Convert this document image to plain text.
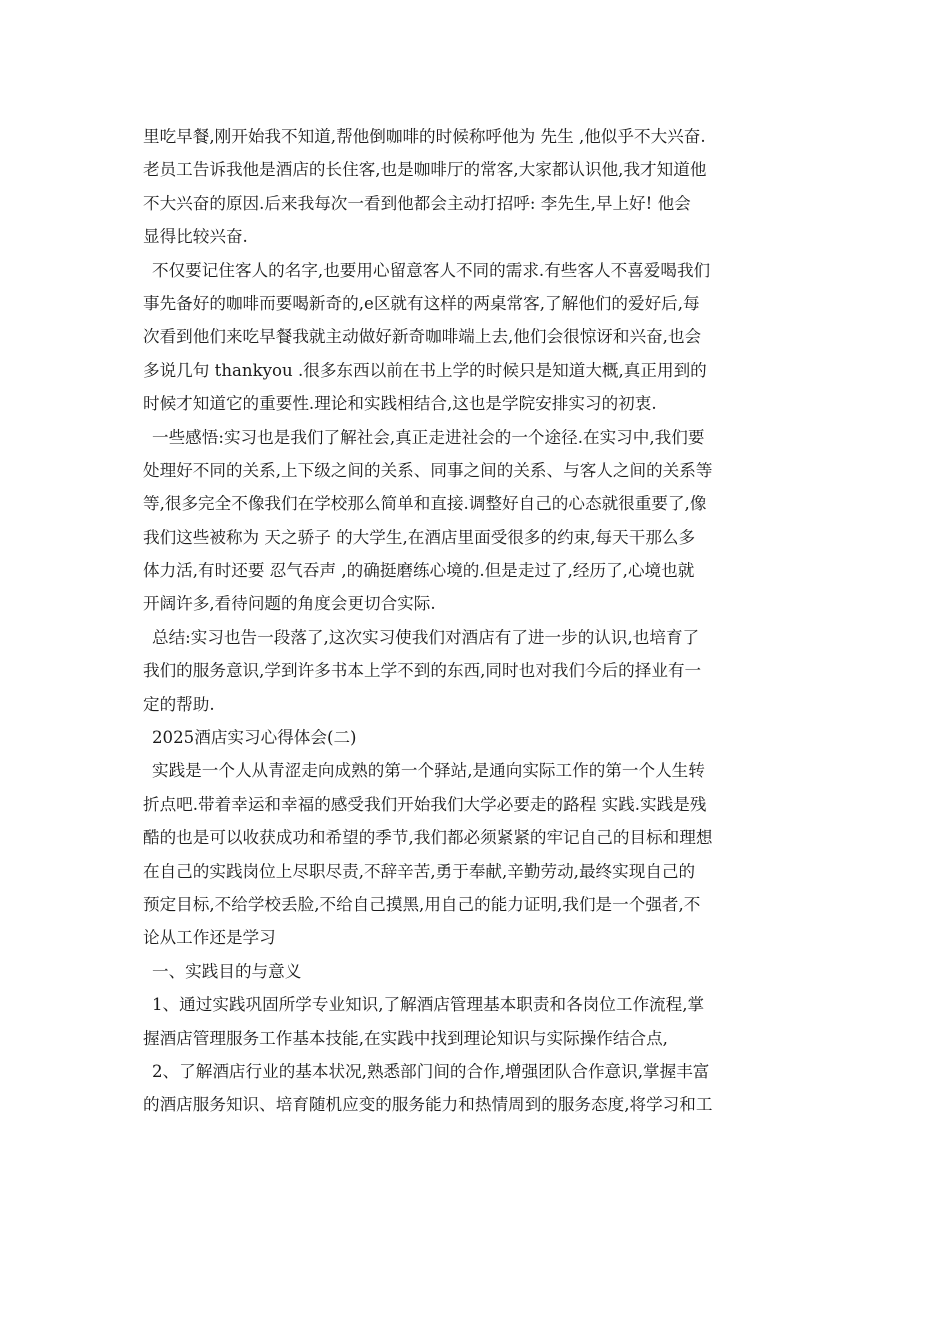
里吃早餐,刚开始我不知道,帮他倒咖啡的时候称呼他为 先生 ,他似乎不大兴奋.
老员工告诉我他是酒店的长住客,也是咖啡厅的常客,大家都认识他,我才知道他
不大兴奋的原因.后来我每次一看到他都会主动打招呼: 李先生,早上好! 他会
显得比较兴奋.
不仅要记住客人的名字,也要用心留意客人不同的需求.有些客人不喜爱喝我们
事先备好的咖啡而要喝新奇的,e区就有这样的两桌常客,了解他们的爱好后,每
次看到他们来吃早餐我就主动做好新奇咖啡端上去,他们会很惊讶和兴奋,也会
多说几句 thankyou .很多东西以前在书上学的时候只是知道大概,真正用到的
时候才知道它的重要性.理论和实践相结合,这也是学院安排实习的初衷.
一些感悟:实习也是我们了解社会,真正走进社会的一个途径.在实习中,我们要
处理好不同的关系,上下级之间的关系、同事之间的关系、与客人之间的关系等
等,很多完全不像我们在学校那么简单和直接.调整好自己的心态就很重要了,像
我们这些被称为 天之骄子 的大学生,在酒店里面受很多的约束,每天干那么多
体力活,有时还要 忍气吞声 ,的确挺磨练心境的.但是走过了,经历了,心境也就
开阔许多,看待问题的角度会更切合实际.
总结:实习也告一段落了,这次实习使我们对酒店有了进一步的认识,也培育了
我们的服务意识,学到许多书本上学不到的东西,同时也对我们今后的择业有一
定的帮助.
2025酒店实习心得体会(二)
实践是一个人从青涩走向成熟的第一个驿站,是通向实际工作的第一个人生转
折点吧.带着幸运和幸福的感受我们开始我们大学必要走的路程 实践.实践是残
酷的也是可以收获成功和希望的季节,我们都必须紧紧的牢记自己的目标和理想
在自己的实践岗位上尽职尽责,不辞辛苦,勇于奉献,辛勤劳动,最终实现自己的
预定目标,不给学校丢脸,不给自己摸黑,用自己的能力证明,我们是一个强者,不
论从工作还是学习
一、实践目的与意义
1、通过实践巩固所学专业知识,了解酒店管理基本职责和各岗位工作流程,掌
握酒店管理服务工作基本技能,在实践中找到理论知识与实际操作结合点,
2、了解酒店行业的基本状况,熟悉部门间的合作,增强团队合作意识,掌握丰富
的酒店服务知识、培育随机应变的服务能力和热情周到的服务态度,将学习和工
